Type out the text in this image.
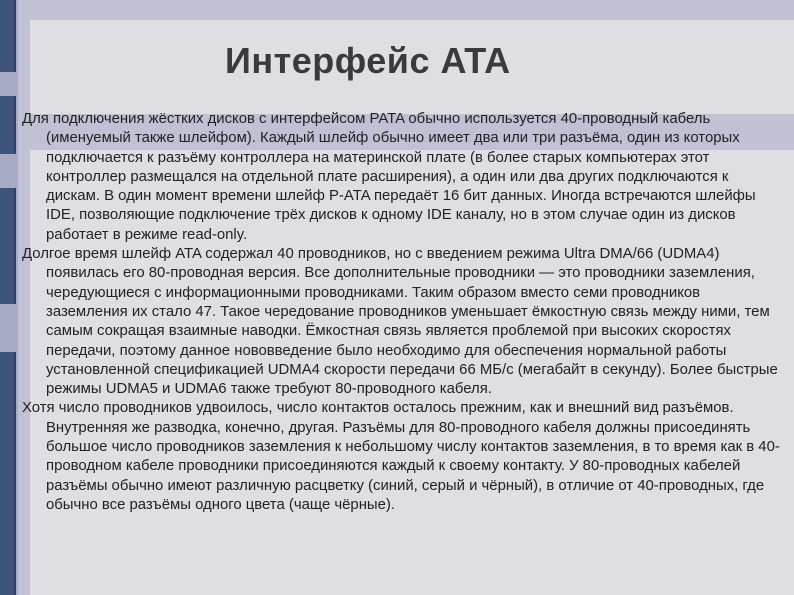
Интерфейс ATA
Для подключения жёстких дисков с интерфейсом PATA обычно используется 40-проводный кабель (именуемый также шлейфом). Каждый шлейф обычно имеет два или три разъёма, один из которых подключается к разъёму контроллера на материнской плате (в более старых компьютерах этот контроллер размещался на отдельной плате расширения), а один или два других подключаются к дискам. В один момент времени шлейф P-ATA передаёт 16 бит данных. Иногда встречаются шлейфы IDE, позволяющие подключение трёх дисков к одному IDE каналу, но в этом случае один из дисков работает в режиме read-only.
Долгое время шлейф ATA содержал 40 проводников, но с введением режима Ultra DMA/66 (UDMA4) появилась его 80-проводная версия. Все дополнительные проводники — это проводники заземления, чередующиеся с информационными проводниками. Таким образом вместо семи проводников заземления их стало 47. Такое чередование проводников уменьшает ёмкостную связь между ними, тем самым сокращая взаимные наводки. Ёмкостная связь является проблемой при высоких скоростях передачи, поэтому данное нововведение было необходимо для обеспечения нормальной работы установленной спецификацией UDMA4 скорости передачи 66 МБ/с (мегабайт в секунду). Более быстрые режимы UDMA5 и UDMA6 также требуют 80-проводного кабеля.
Хотя число проводников удвоилось, число контактов осталось прежним, как и внешний вид разъёмов. Внутренняя же разводка, конечно, другая. Разъёмы для 80-проводного кабеля должны присоединять большое число проводников заземления к небольшому числу контактов заземления, в то время как в 40-проводном кабеле проводники присоединяются каждый к своему контакту. У 80-проводных кабелей разъёмы обычно имеют различную расцветку (синий, серый и чёрный), в отличие от 40-проводных, где обычно все разъёмы одного цвета (чаще чёрные).
